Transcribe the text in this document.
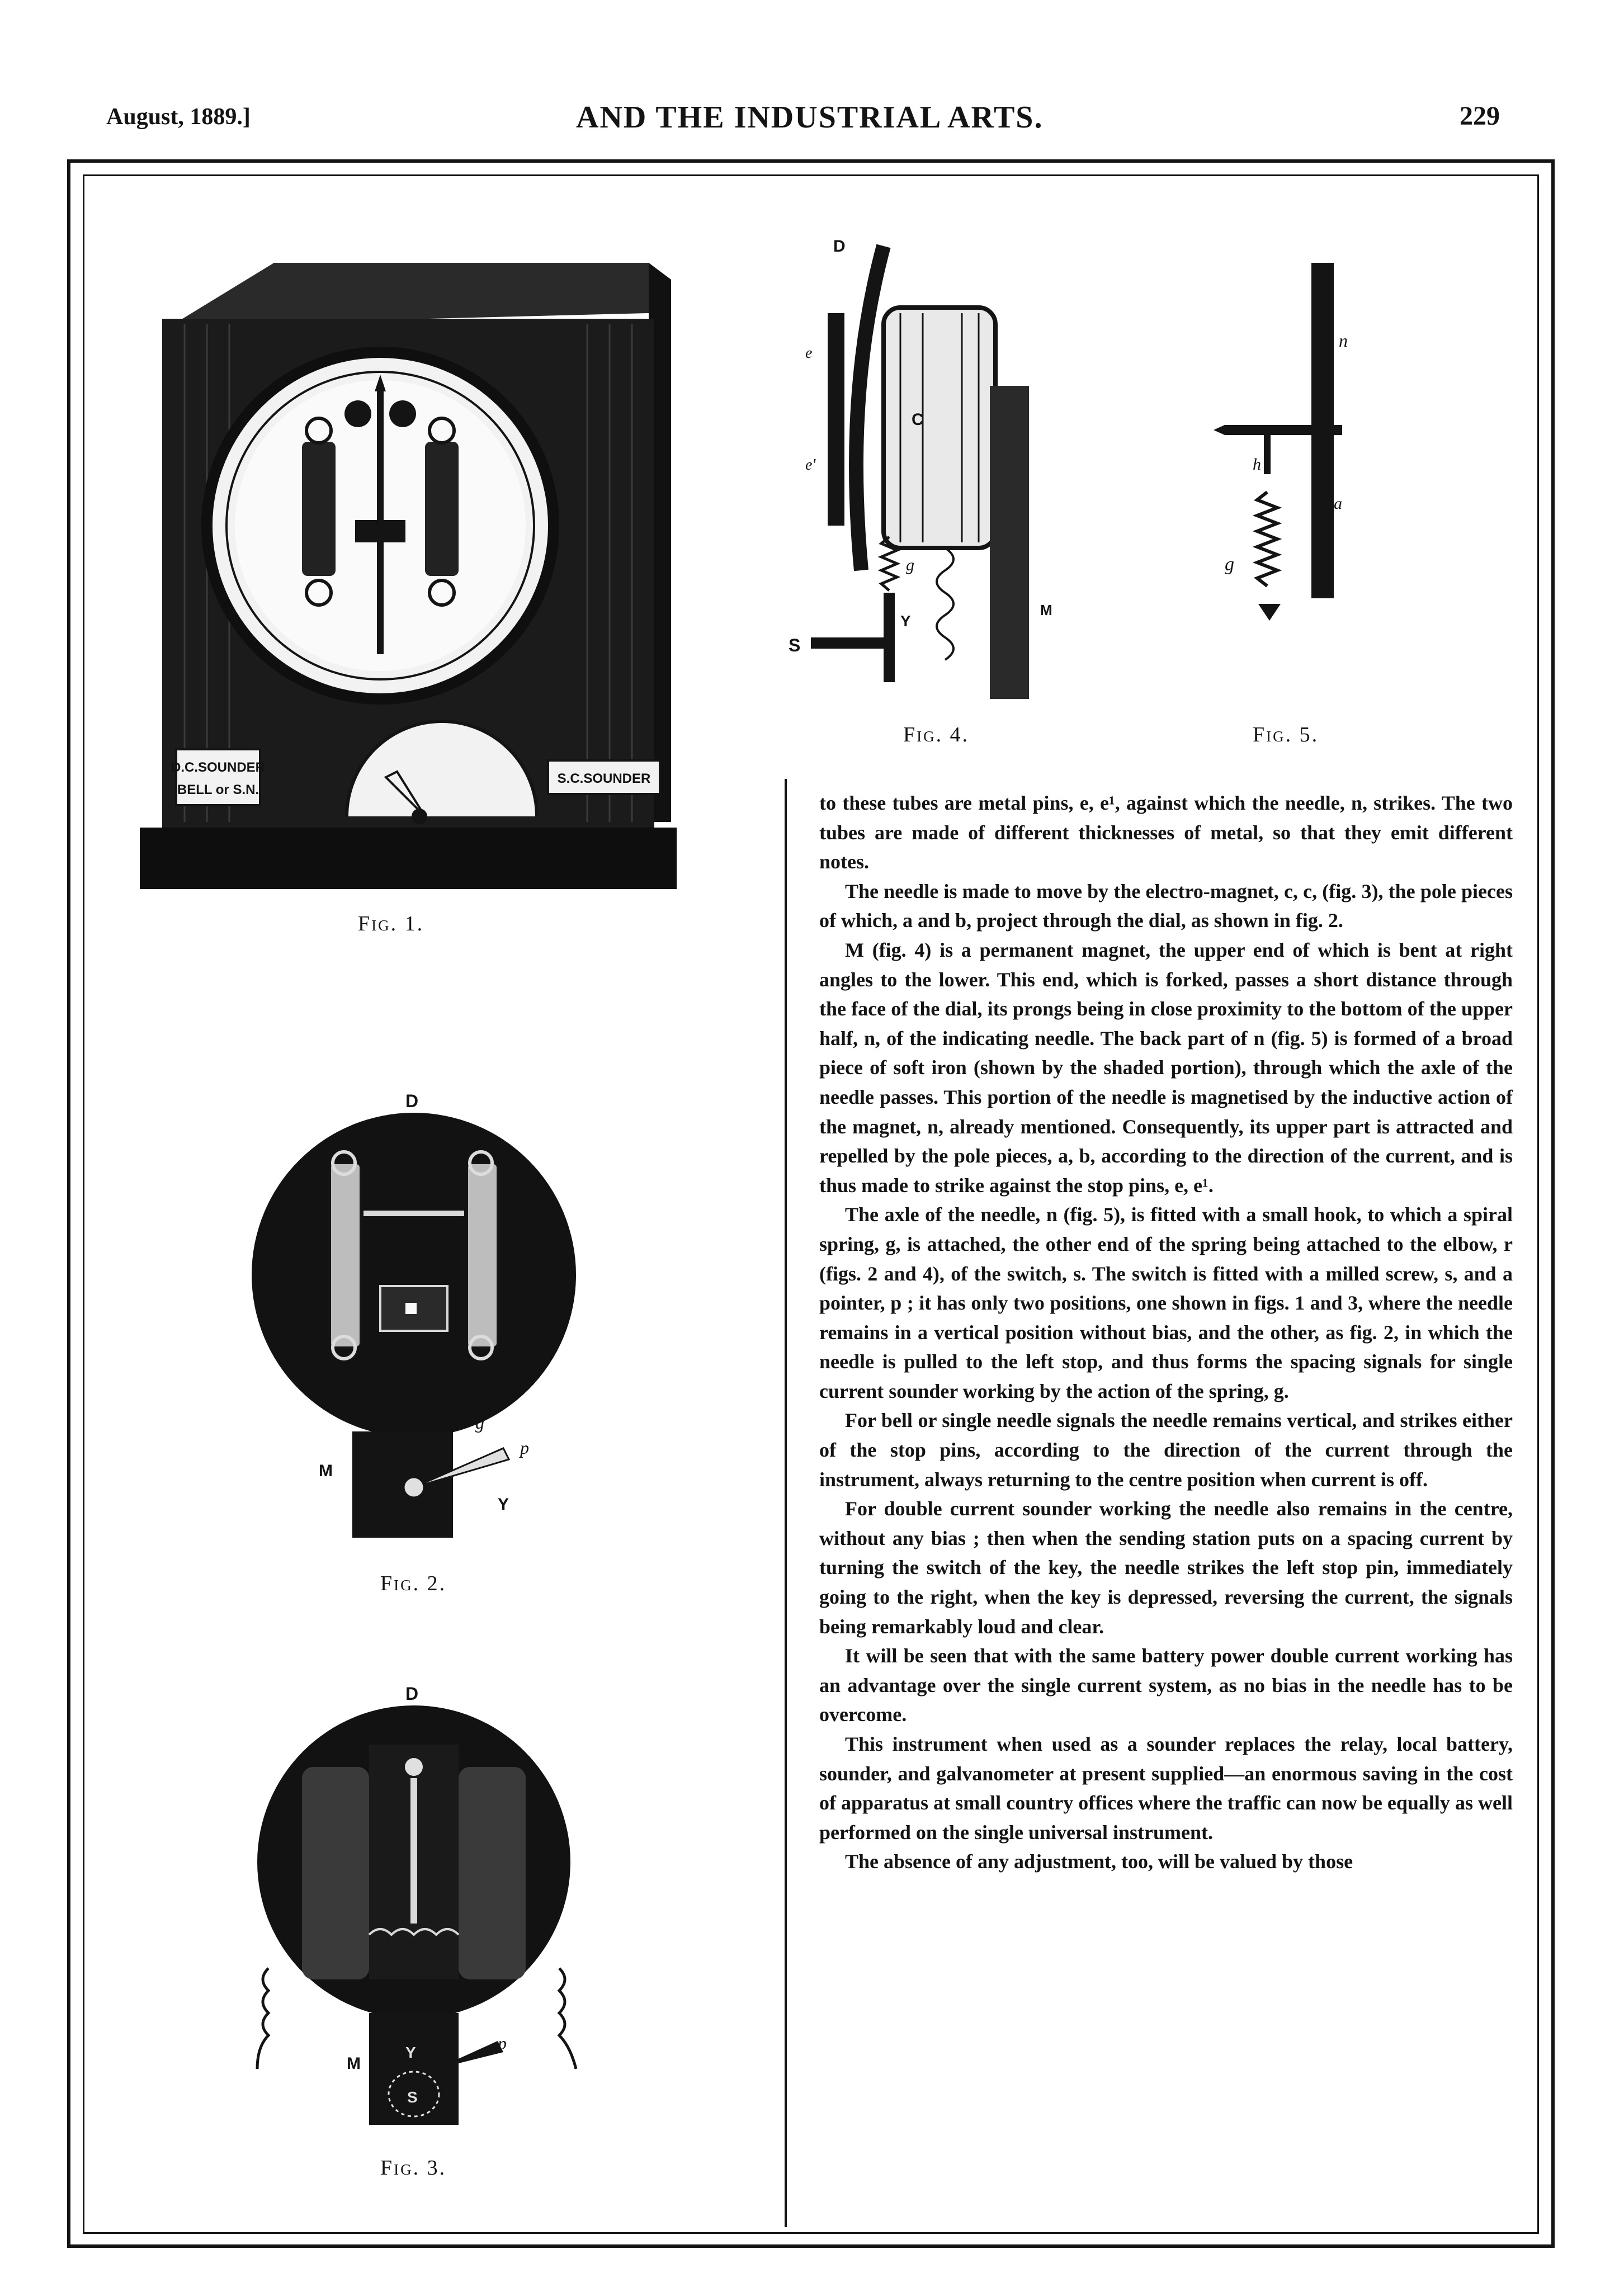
August, 1889.]	AND THE INDUSTRIAL ARTS.	229
D.C.SOUNDER
BELL or S.N.
S.C.SOUNDER
Fig. 1.
D
C
e
e'
M
g
Y
S
Fig. 4.
n
h
a
g
Fig. 5.
D
M
g
p
Y
Fig. 2.
D
M
Y
S
p
Fig. 3.

to these tubes are metal pins, e, e¹, against which the needle, n, strikes. The two tubes are made of different thicknesses of metal, so that they emit different notes.

The needle is made to move by the electro-magnet, c, c, (fig. 3), the pole pieces of which, a and b, project through the dial, as shown in fig. 2.

M (fig. 4) is a permanent magnet, the upper end of which is bent at right angles to the lower. This end, which is forked, passes a short distance through the face of the dial, its prongs being in close proximity to the bottom of the upper half, n, of the indicating needle. The back part of n (fig. 5) is formed of a broad piece of soft iron (shown by the shaded portion), through which the axle of the needle passes. This portion of the needle is magnetised by the inductive action of the magnet, n, already mentioned. Consequently, its upper part is attracted and repelled by the pole pieces, a, b, according to the direction of the current, and is thus made to strike against the stop pins, e, e¹.

The axle of the needle, n (fig. 5), is fitted with a small hook, to which a spiral spring, g, is attached, the other end of the spring being attached to the elbow, r (figs. 2 and 4), of the switch, s. The switch is fitted with a milled screw, s, and a pointer, p ; it has only two positions, one shown in figs. 1 and 3, where the needle remains in a vertical position without bias, and the other, as fig. 2, in which the needle is pulled to the left stop, and thus forms the spacing signals for single current sounder working by the action of the spring, g.

For bell or single needle signals the needle remains vertical, and strikes either of the stop pins, according to the direction of the current through the instrument, always returning to the centre position when current is off.

For double current sounder working the needle also remains in the centre, without any bias ; then when the sending station puts on a spacing current by turning the switch of the key, the needle strikes the left stop pin, immediately going to the right, when the key is depressed, reversing the current, the signals being remarkably loud and clear.

It will be seen that with the same battery power double current working has an advantage over the single current system, as no bias in the needle has to be overcome.

This instrument when used as a sounder replaces the relay, local battery, sounder, and galvanometer at present supplied—an enormous saving in the cost of apparatus at small country offices where the traffic can now be equally as well performed on the single universal instrument.

The absence of any adjustment, too, will be valued by those
